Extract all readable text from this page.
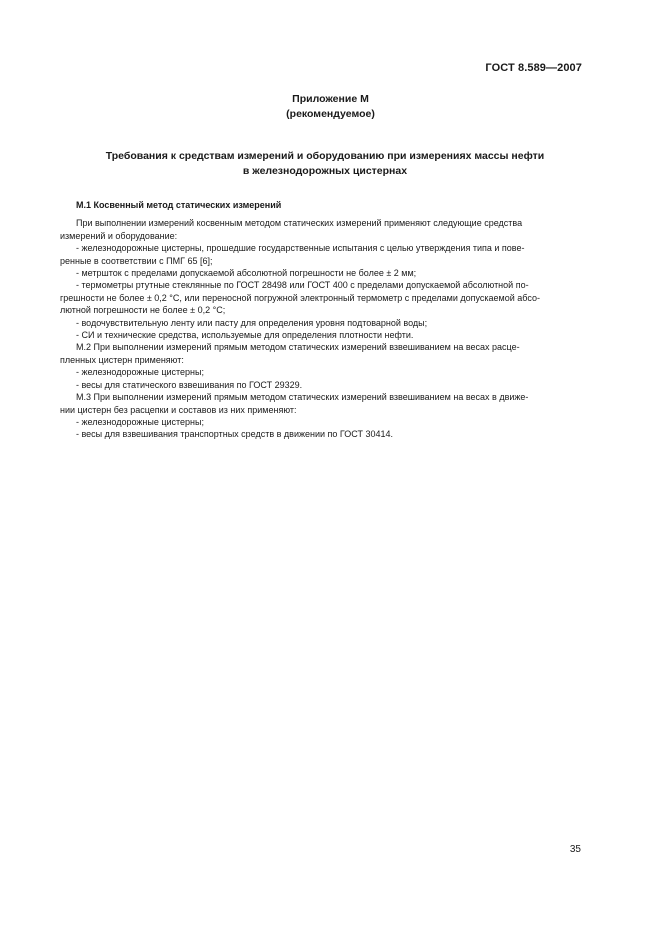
ГОСТ 8.589—2007
Приложение М
(рекомендуемое)
Требования к средствам измерений и оборудованию при измерениях массы нефти
в железнодорожных цистернах
М.1 Косвенный метод статических измерений

При выполнении измерений косвенным методом статических измерений применяют следующие средства

измерений и оборудование:

- железнодорожные цистерны, прошедшие государственные испытания с целью утверждения типа и пове-

ренные в соответствии с ПМГ 65 [6];

- метршток с пределами допускаемой абсолютной погрешности не более ± 2 мм;

- термометры ртутные стеклянные по ГОСТ 28498 или ГОСТ 400 с пределами допускаемой абсолютной по-

грешности не более ± 0,2 °С, или переносной погружной электронный термометр с пределами допускаемой абсо-

лютной погрешности не более ± 0,2 °С;

- водочувствительную ленту или пасту для определения уровня подтоварной воды;

- СИ и технические средства, используемые для определения плотности нефти.

М.2 При выполнении измерений прямым методом статических измерений взвешиванием на весах расце-

пленных цистерн применяют:

- железнодорожные цистерны;

- весы для статического взвешивания по ГОСТ 29329.

М.3 При выполнении измерений прямым методом статических измерений взвешиванием на весах в движе-

нии цистерн без расцепки и составов из них применяют:

- железнодорожные цистерны;

- весы для взвешивания транспортных средств в движении по ГОСТ 30414.

35
